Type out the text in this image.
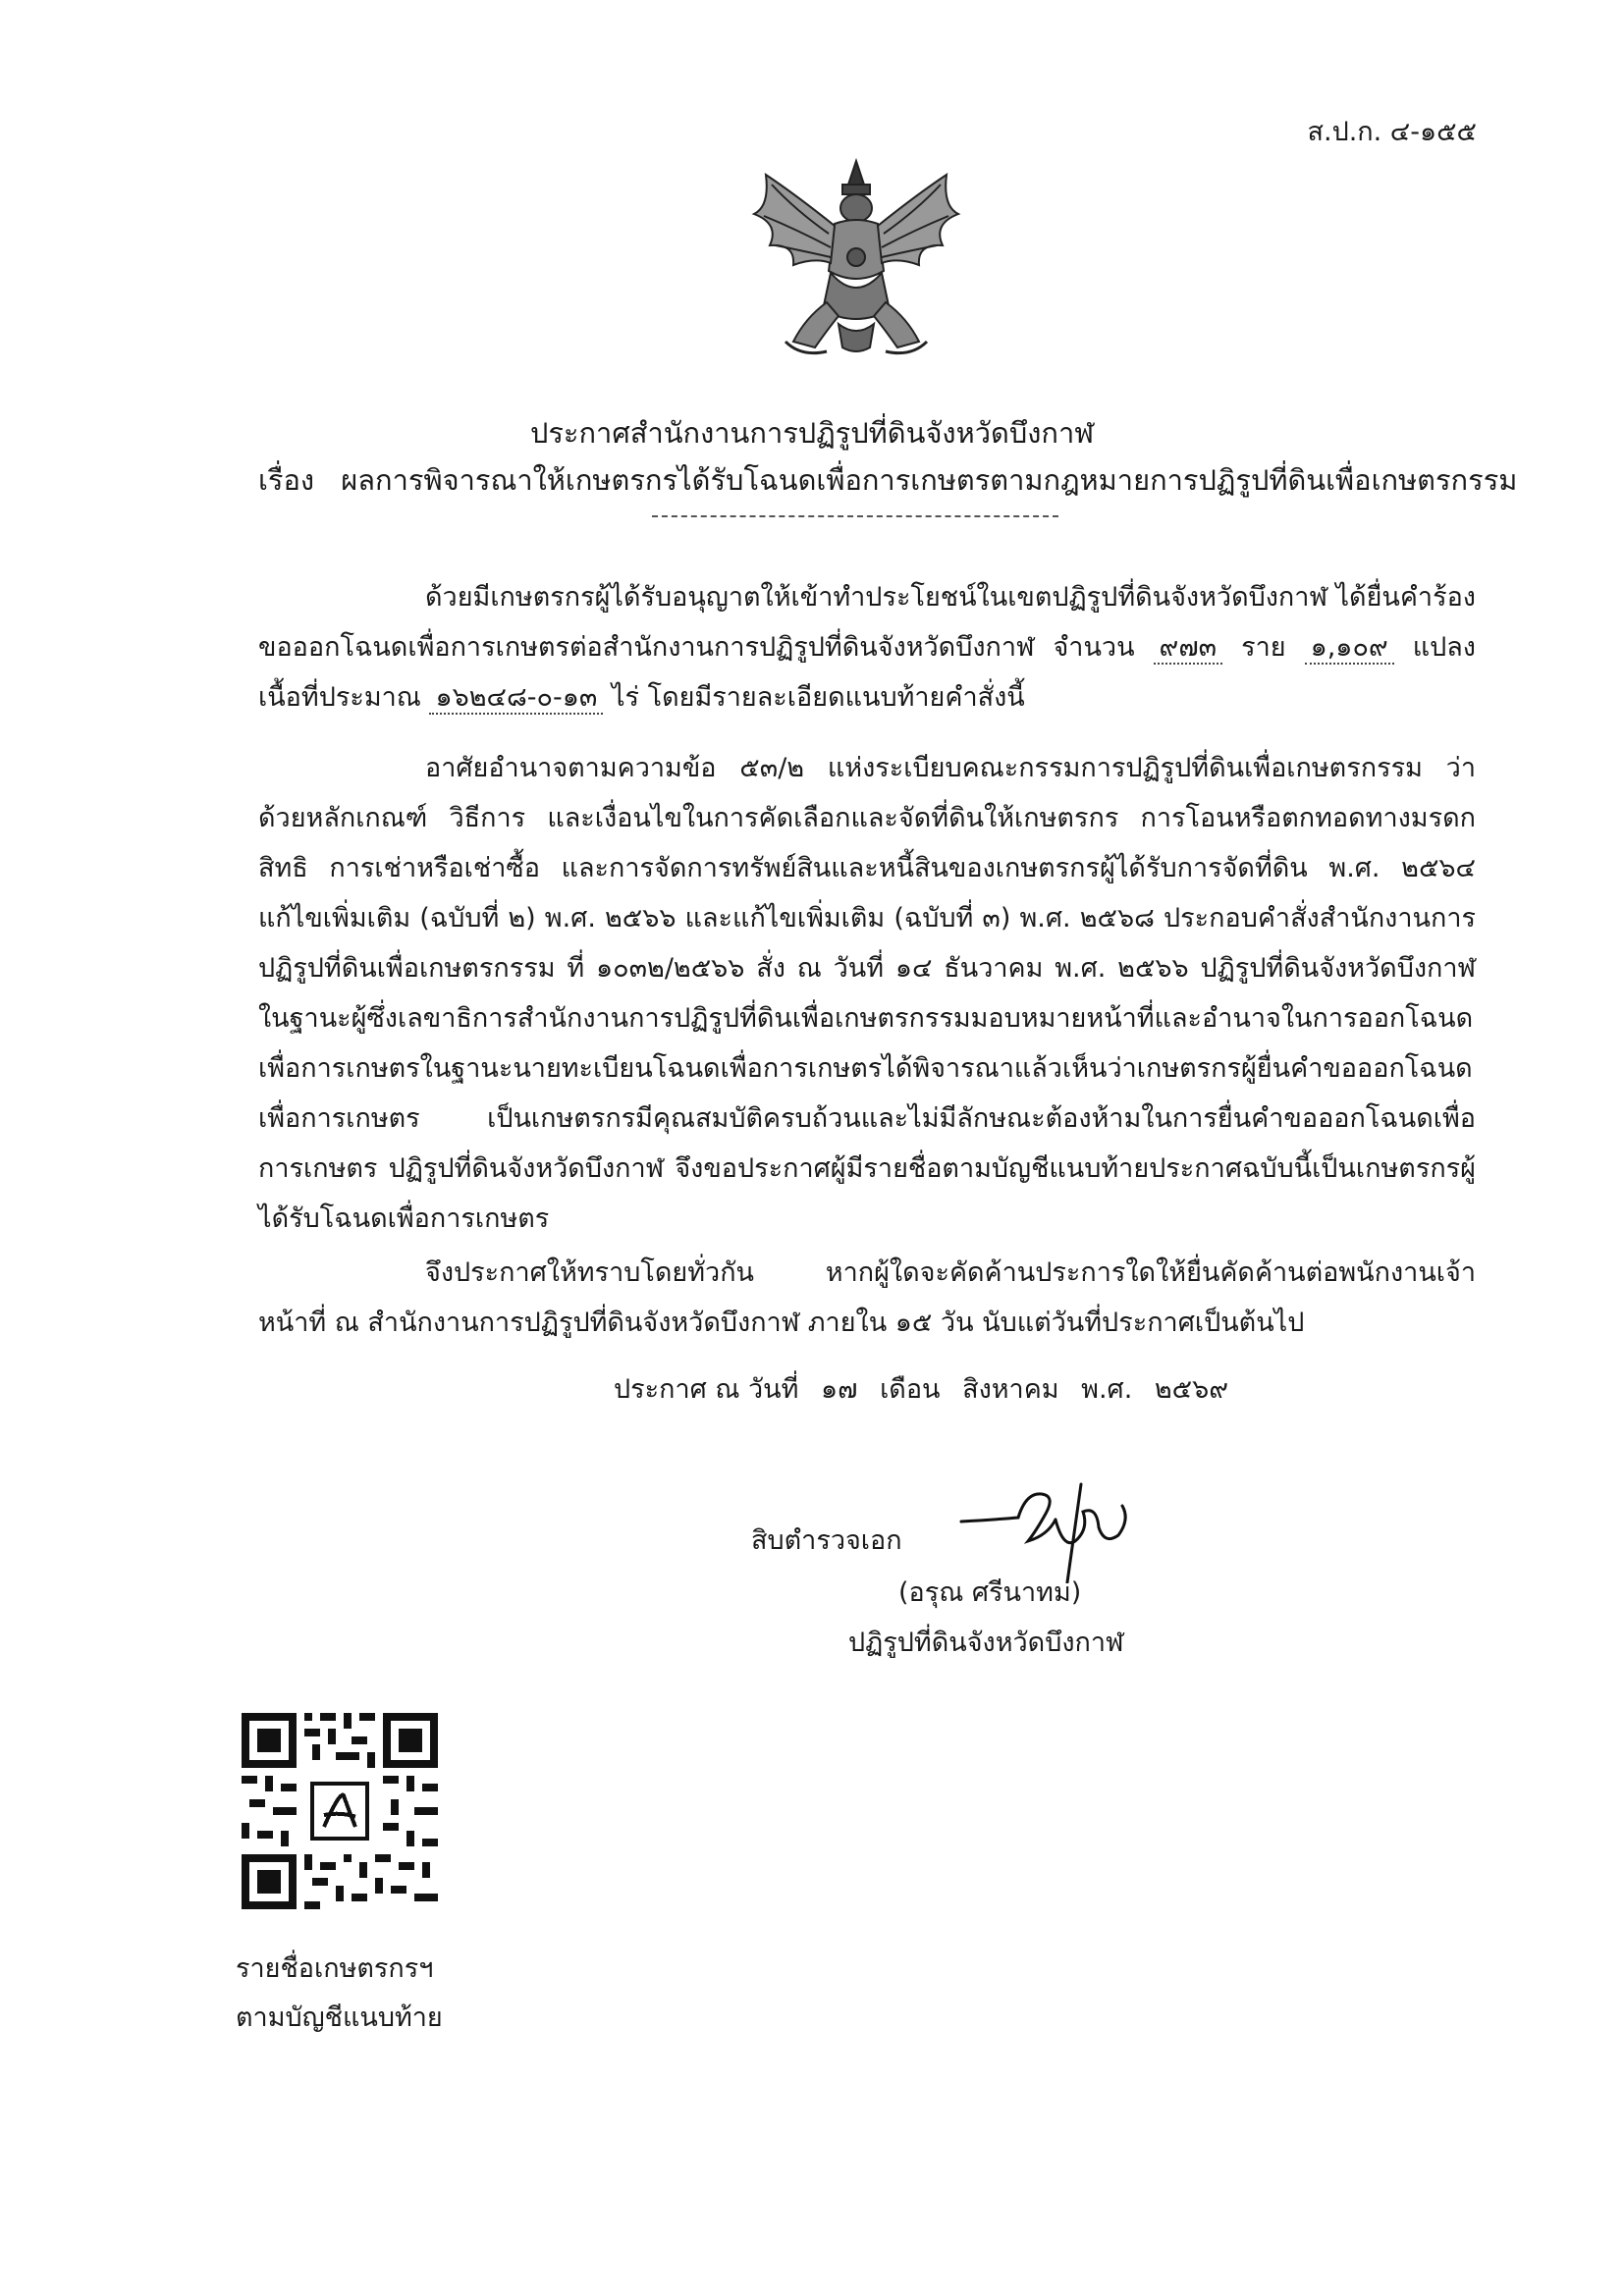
ส.ป.ก. ๔-๑๕๕
ประกาศสำนักงานการปฏิรูปที่ดินจังหวัดบึงกาฬ
เรื่อง ผลการพิจารณาให้เกษตรกรได้รับโฉนดเพื่อการเกษตรตามกฎหมายการปฏิรูปที่ดินเพื่อเกษตรกรรม
ด้วยมีเกษตรกรผู้ได้รับอนุญาตให้เข้าทำประโยชน์ในเขตปฏิรูปที่ดินจังหวัดบึงกาฬ ได้ยื่นคำร้องขอออกโฉนดเพื่อการเกษตรต่อสำนักงานการปฏิรูปที่ดินจังหวัดบึงกาฬ จำนวน ๙๗๓ ราย ๑,๑๐๙ แปลง เนื้อที่ประมาณ ๑๖๒๔๘-๐-๑๓ ไร่ โดยมีรายละเอียดแนบท้ายคำสั่งนี้
อาศัยอำนาจตามความข้อ ๕๓/๒ แห่งระเบียบคณะกรรมการปฏิรูปที่ดินเพื่อเกษตรกรรม ว่าด้วยหลักเกณฑ์ วิธีการ และเงื่อนไขในการคัดเลือกและจัดที่ดินให้เกษตรกร การโอนหรือตกทอดทางมรดกสิทธิ การเช่าหรือเช่าซื้อ และการจัดการทรัพย์สินและหนี้สินของเกษตรกรผู้ได้รับการจัดที่ดิน พ.ศ. ๒๕๖๔ แก้ไขเพิ่มเติม (ฉบับที่ ๒) พ.ศ. ๒๕๖๖ และแก้ไขเพิ่มเติม (ฉบับที่ ๓) พ.ศ. ๒๕๖๘ ประกอบคำสั่งสำนักงานการปฏิรูปที่ดินเพื่อเกษตรกรรม ที่ ๑๐๓๒/๒๕๖๖ สั่ง ณ วันที่ ๑๔ ธันวาคม พ.ศ. ๒๕๖๖ ปฏิรูปที่ดินจังหวัดบึงกาฬ ในฐานะผู้ซึ่งเลขาธิการสำนักงานการปฏิรูปที่ดินเพื่อเกษตรกรรมมอบหมายหน้าที่และอำนาจในการออกโฉนดเพื่อการเกษตรในฐานะนายทะเบียนโฉนดเพื่อการเกษตรได้พิจารณาแล้วเห็นว่าเกษตรกรผู้ยื่นคำขอออกโฉนดเพื่อการเกษตร เป็นเกษตรกรมีคุณสมบัติครบถ้วนและไม่มีลักษณะต้องห้ามในการยื่นคำขอออกโฉนดเพื่อการเกษตร ปฏิรูปที่ดินจังหวัดบึงกาฬ จึงขอประกาศผู้มีรายชื่อตามบัญชีแนบท้ายประกาศฉบับนี้เป็นเกษตรกรผู้ได้รับโฉนดเพื่อการเกษตร
จึงประกาศให้ทราบโดยทั่วกัน หากผู้ใดจะคัดค้านประการใดให้ยื่นคัดค้านต่อพนักงานเจ้าหน้าที่ ณ สำนักงานการปฏิรูปที่ดินจังหวัดบึงกาฬ ภายใน ๑๕ วัน นับแต่วันที่ประกาศเป็นต้นไป
ประกาศ ณ วันที่ ๑๗ เดือน สิงหาคม พ.ศ. ๒๕๖๙
สิบตำรวจเอก
(อรุณ ศรีนาทม)
ปฏิรูปที่ดินจังหวัดบึงกาฬ
รายชื่อเกษตรกรฯ
ตามบัญชีแนบท้าย
